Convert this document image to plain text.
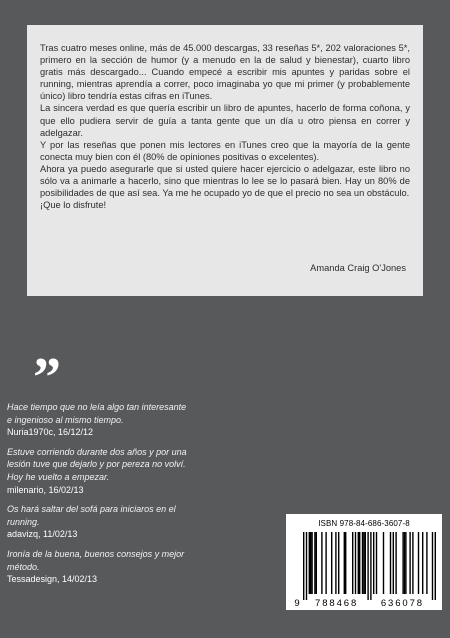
Tras cuatro meses online, más de 45.000 descargas, 33 reseñas 5*, 202 valoraciones 5*, primero en la sección de humor (y a menudo en la de salud y bienestar), cuarto libro gratis más descargado... Cuando empecé a escribir mis apuntes y paridas sobre el running, mientras aprendía a correr, poco imaginaba yo que mi primer (y probablemente único) libro tendría estas cifras en iTunes.

La sincera verdad es que quería escribir un libro de apuntes, hacerlo de forma coñona, y que ello pudiera servir de guía a tanta gente que un día u otro piensa en correr y adelgazar.

Y por las reseñas que ponen mis lectores en iTunes creo que la mayoría de la gente conecta muy bien con él (80% de opiniones positivas o excelentes).

Ahora ya puedo asegurarle que si usted quiere hacer ejercicio o adelgazar, este libro no sólo va a animarle a hacerlo, sino que mientras lo lee se lo pasará bien. Hay un 80% de posibilidades de que así sea. Ya me he ocupado yo de que el precio no sea un obstáculo.

¡Que lo disfrute!

Amanda Craig O'Jones
”
Hace tiempo que no leía algo tan interesante
e ingenioso al mismo tiempo.
Nuria1970c, 16/12/12
Estuve corriendo durante dos años y por una
lesión tuve que dejarlo y por pereza no volví.
Hoy he vuelto a empezar.
milenario, 16/02/13
Os hará saltar del sofá para iniciaros en el
running.
adavizq, 11/02/13
Ironía de la buena, buenos consejos y mejor
método.
Tessadesign, 14/02/13
ISBN 978-84-686-3607-8
9 788468 636078
